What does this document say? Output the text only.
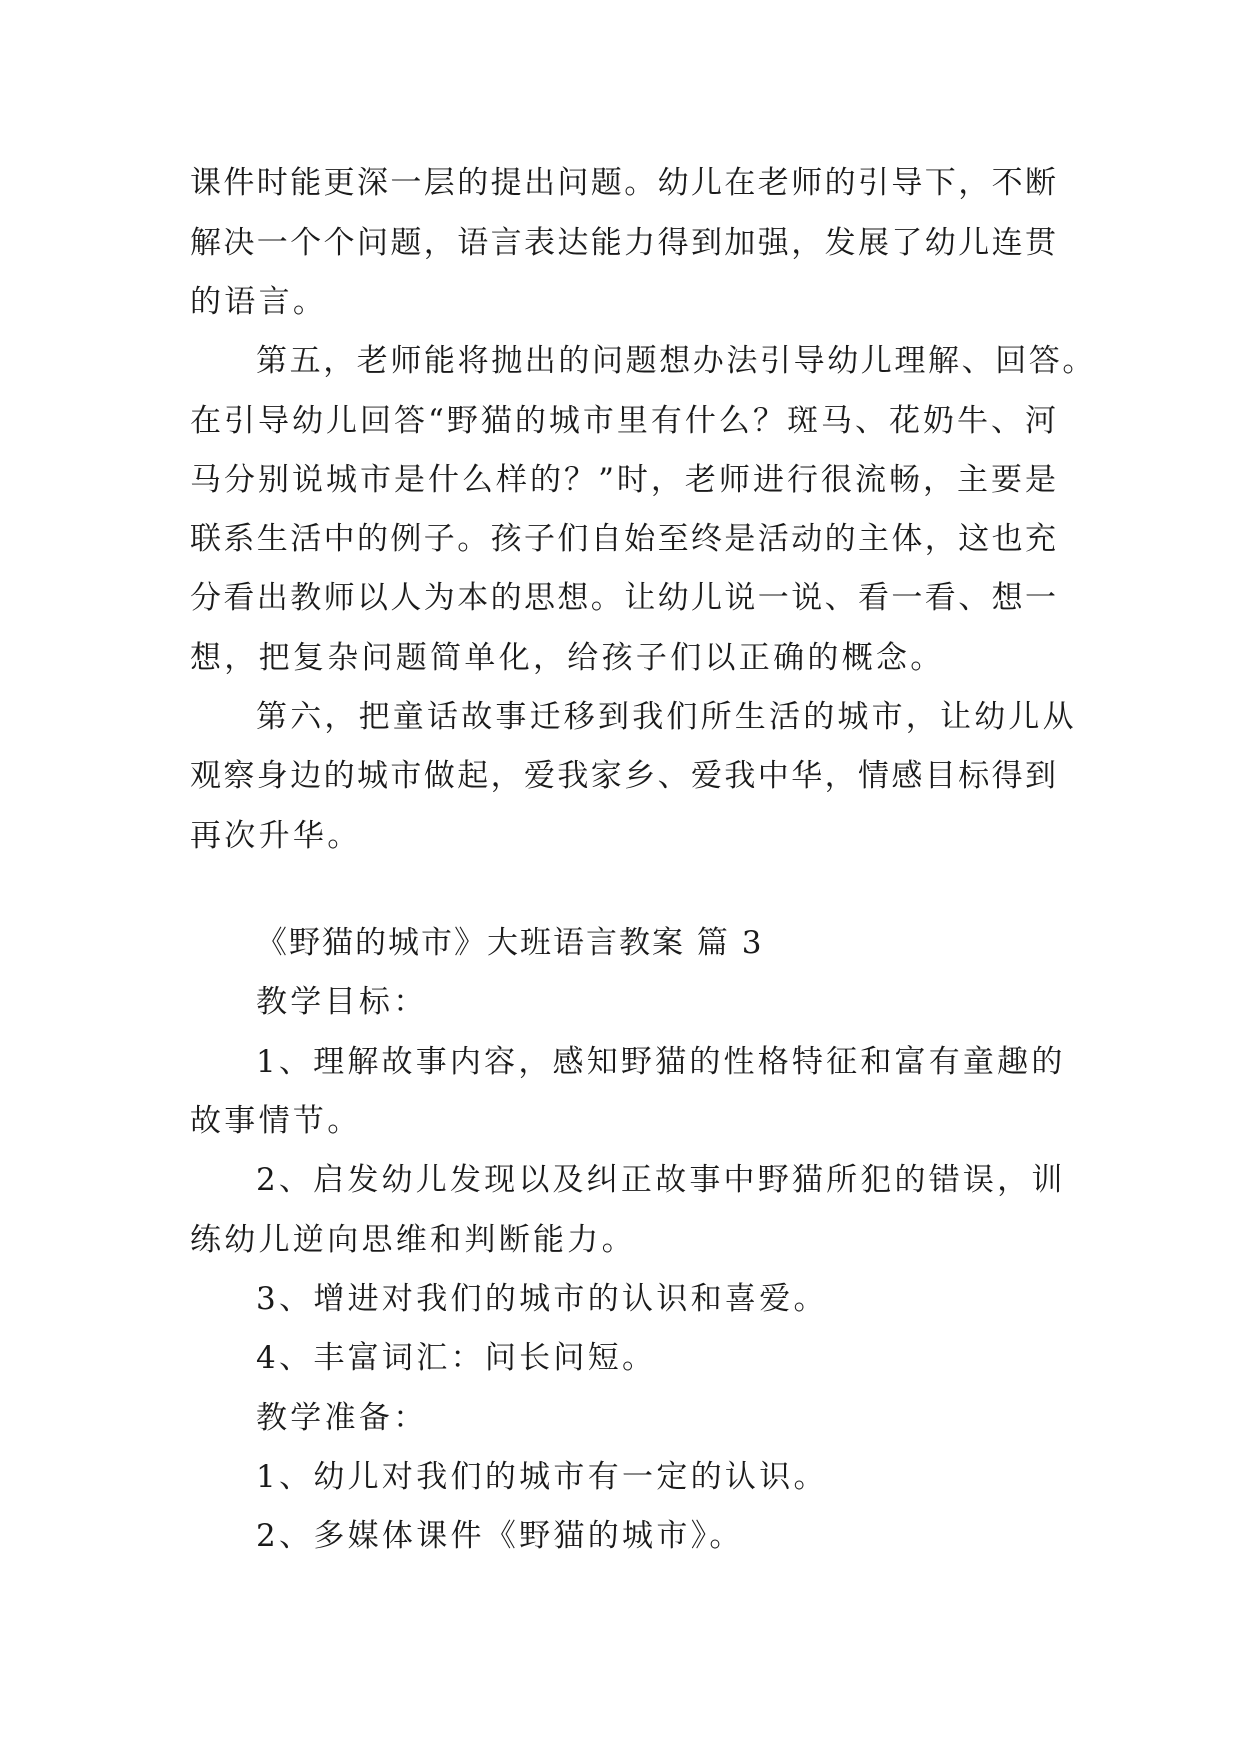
课件时能更深一层的提出问题。幼儿在老师的引导下，不断
解决一个个问题，语言表达能力得到加强，发展了幼儿连贯
的语言。
第五，老师能将抛出的问题想办法引导幼儿理解、回答。
在引导幼儿回答“野猫的城市里有什么？斑马、花奶牛、河
马分别说城市是什么样的？”时，老师进行很流畅，主要是
联系生活中的例子。孩子们自始至终是活动的主体，这也充
分看出教师以人为本的思想。让幼儿说一说、看一看、想一
想，把复杂问题简单化，给孩子们以正确的概念。
第六，把童话故事迁移到我们所生活的城市，让幼儿从
观察身边的城市做起，爱我家乡、爱我中华，情感目标得到
再次升华。
《野猫的城市》大班语言教案 篇 3
教学目标：
1、理解故事内容，感知野猫的性格特征和富有童趣的
故事情节。
2、启发幼儿发现以及纠正故事中野猫所犯的错误，训
练幼儿逆向思维和判断能力。
3、增进对我们的城市的认识和喜爱。
4、丰富词汇：问长问短。
教学准备：
1、幼儿对我们的城市有一定的认识。
2、多媒体课件《野猫的城市》。
